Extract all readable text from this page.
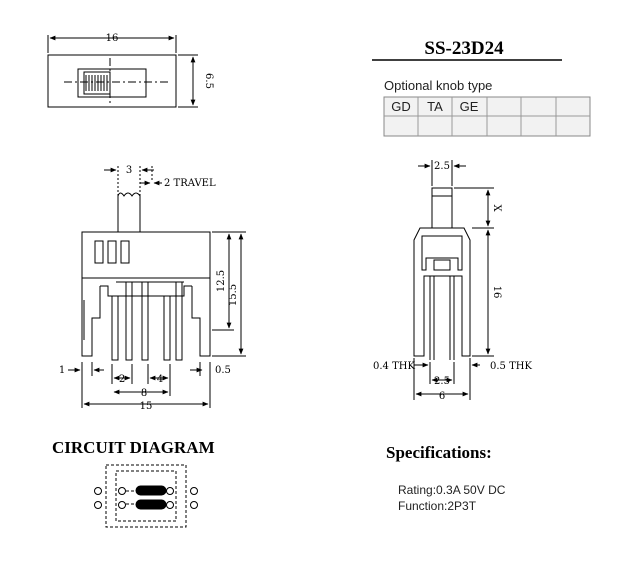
16
6.5
SS-23D24
Optional knob type
GD TA GE
3
2 TRAVEL
12.5
15.5
1
2	4
0.5
8
15
2.5
X
16
0.4 THK	0.5 THK
2.5
6
CIRCUIT DIAGRAM	Specifications:
Rating:0.3A 50V DC
Function:2P3T
